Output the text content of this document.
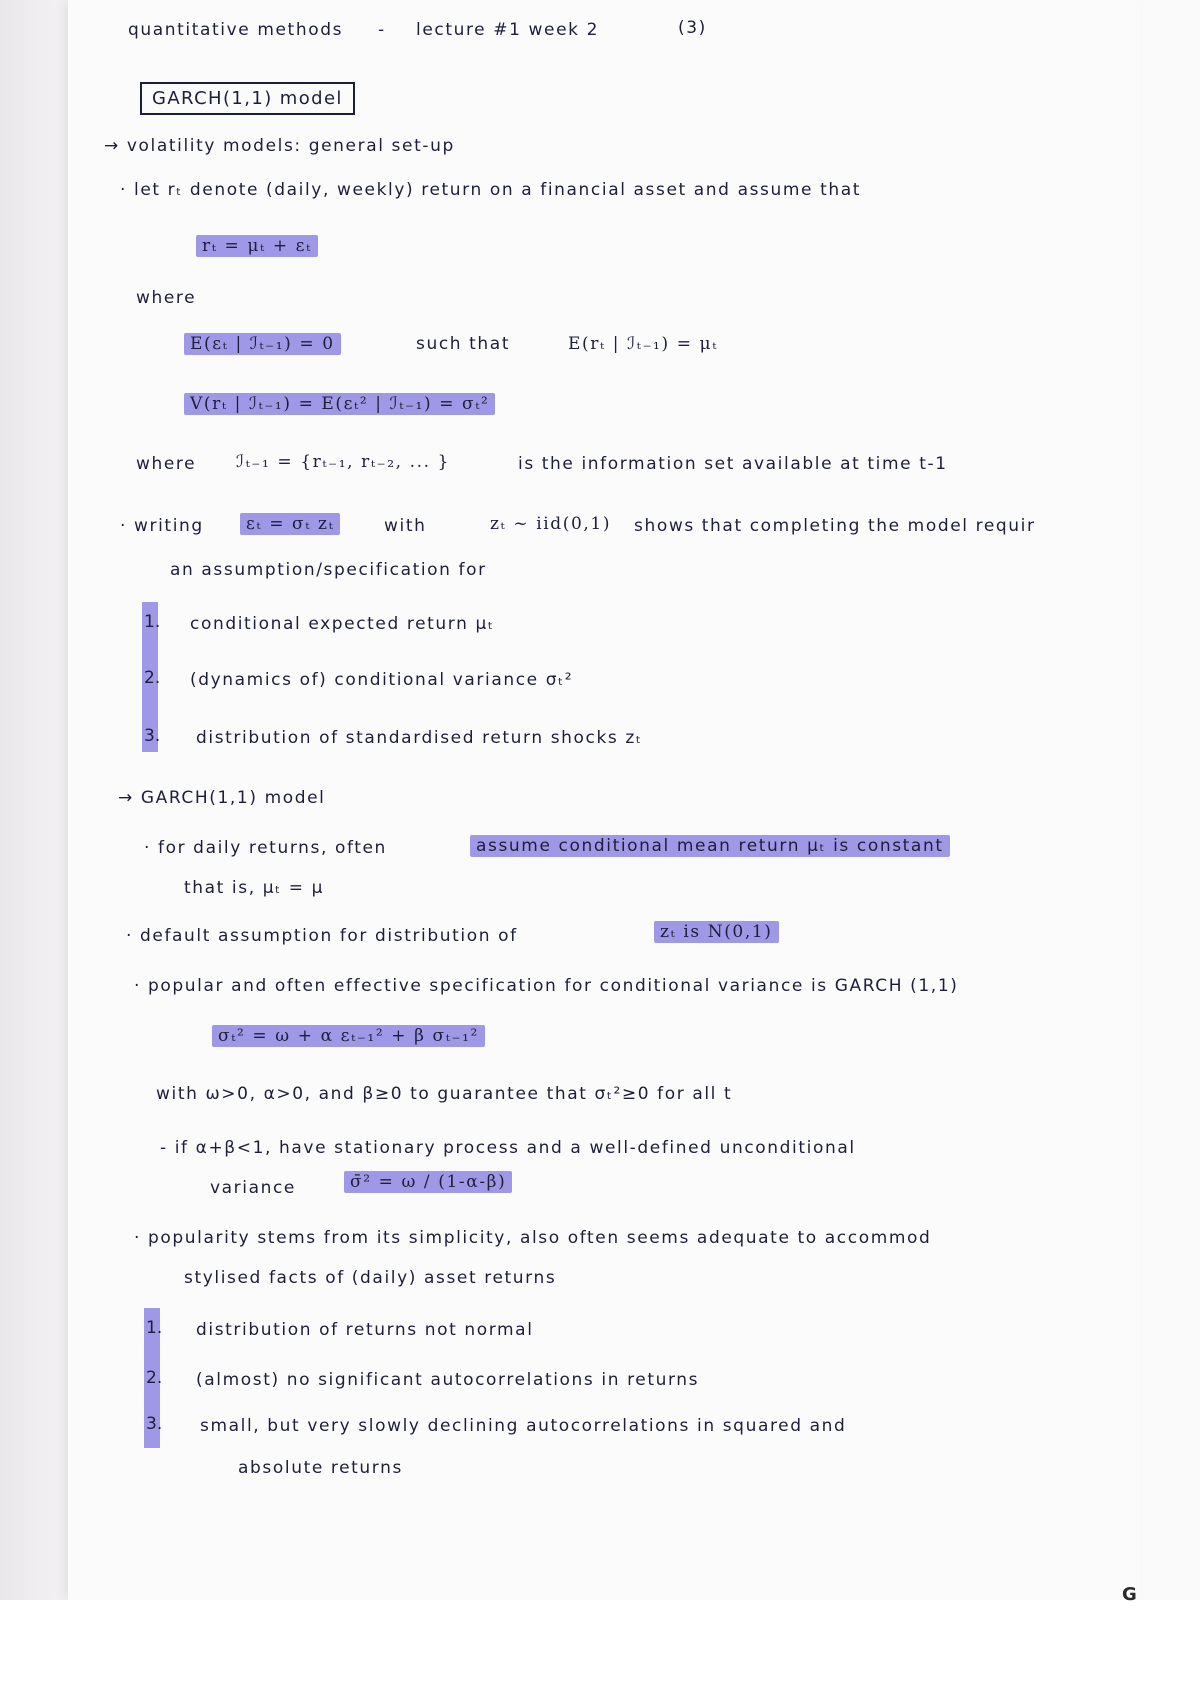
quantitative methods - lecture #1 week 2	(3)
GARCH(1,1) model
→ volatility models: general set-up
· let rₜ denote (daily, weekly) return on a financial asset and assume that
rₜ = μₜ + εₜ
where
E(εₜ | ℐₜ₋₁) = 0	such that	E(rₜ | ℐₜ₋₁) = μₜ
V(rₜ | ℐₜ₋₁) = E(εₜ² | ℐₜ₋₁) = σₜ²
where ℐₜ₋₁ = {rₜ₋₁, rₜ₋₂, ... }	is the information set available at time t-1
· writing	εₜ = σₜ zₜ	with	zₜ ~ iid(0,1) shows that completing the model requir
an assumption/specification for
1. conditional expected return μₜ
2. (dynamics of) conditional variance σₜ²
3. distribution of standardised return shocks zₜ
→ GARCH(1,1) model
· for daily returns, often	assume conditional mean return μₜ is constant
that is, μₜ = μ
· default assumption for distribution of	zₜ is N(0,1)
· popular and often effective specification for conditional variance is GARCH (1,1)
σₜ² = ω + α εₜ₋₁² + β σₜ₋₁²
with ω>0, α>0, and β≥0 to guarantee that σₜ²≥0 for all t
- if α+β<1, have stationary process and a well-defined unconditional
variance	σ̄² = ω / (1-α-β)
· popularity stems from its simplicity, also often seems adequate to accommod
stylised facts of (daily) asset returns
1. distribution of returns not normal
2. (almost) no significant autocorrelations in returns
3. small, but very slowly declining autocorrelations in squared and
absolute returns
G
